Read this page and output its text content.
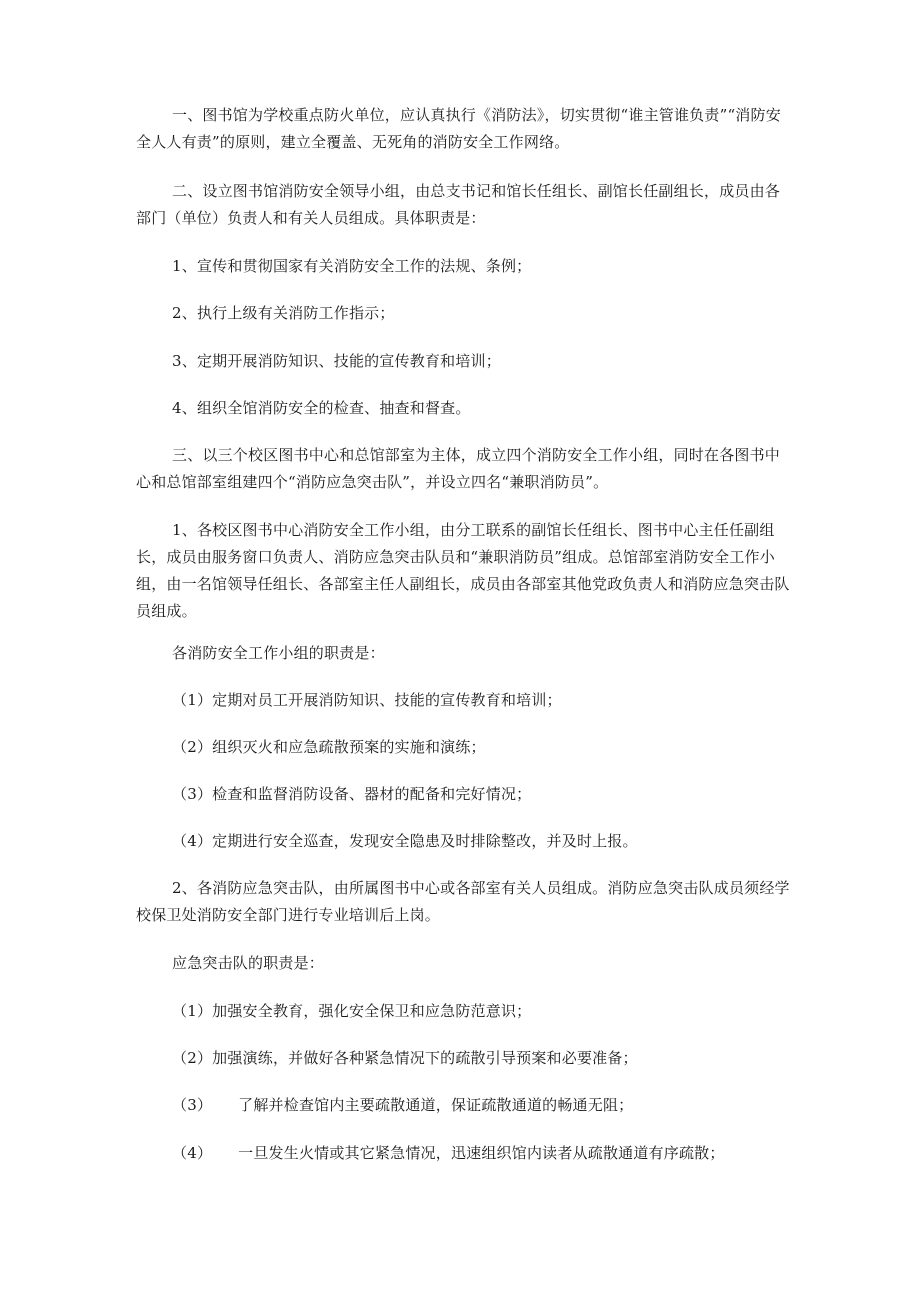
一、图书馆为学校重点防火单位，应认真执行《消防法》，切实贯彻“谁主管谁负责”“消防安全人人有责”的原则，建立全覆盖、无死角的消防安全工作网络。

二、设立图书馆消防安全领导小组，由总支书记和馆长任组长、副馆长任副组长，成员由各部门（单位）负责人和有关人员组成。具体职责是：

1、宣传和贯彻国家有关消防安全工作的法规、条例；

2、执行上级有关消防工作指示；

3、定期开展消防知识、技能的宣传教育和培训；

4、组织全馆消防安全的检查、抽查和督查。

三、以三个校区图书中心和总馆部室为主体，成立四个消防安全工作小组，同时在各图书中心和总馆部室组建四个“消防应急突击队”，并设立四名“兼职消防员”。

1、各校区图书中心消防安全工作小组，由分工联系的副馆长任组长、图书中心主任任副组长，成员由服务窗口负责人、消防应急突击队员和“兼职消防员”组成。总馆部室消防安全工作小组，由一名馆领导任组长、各部室主任人副组长，成员由各部室其他党政负责人和消防应急突击队员组成。

各消防安全工作小组的职责是：

（1）定期对员工开展消防知识、技能的宣传教育和培训；

（2）组织灭火和应急疏散预案的实施和演练；

（3）检查和监督消防设备、器材的配备和完好情况；

（4）定期进行安全巡查，发现安全隐患及时排除整改，并及时上报。

2、各消防应急突击队，由所属图书中心或各部室有关人员组成。消防应急突击队成员须经学校保卫处消防安全部门进行专业培训后上岗。

应急突击队的职责是：

（1）加强安全教育，强化安全保卫和应急防范意识；

（2）加强演练，并做好各种紧急情况下的疏散引导预案和必要准备；

（3） 了解并检查馆内主要疏散通道，保证疏散通道的畅通无阻；

（4） 一旦发生火情或其它紧急情况，迅速组织馆内读者从疏散通道有序疏散；
